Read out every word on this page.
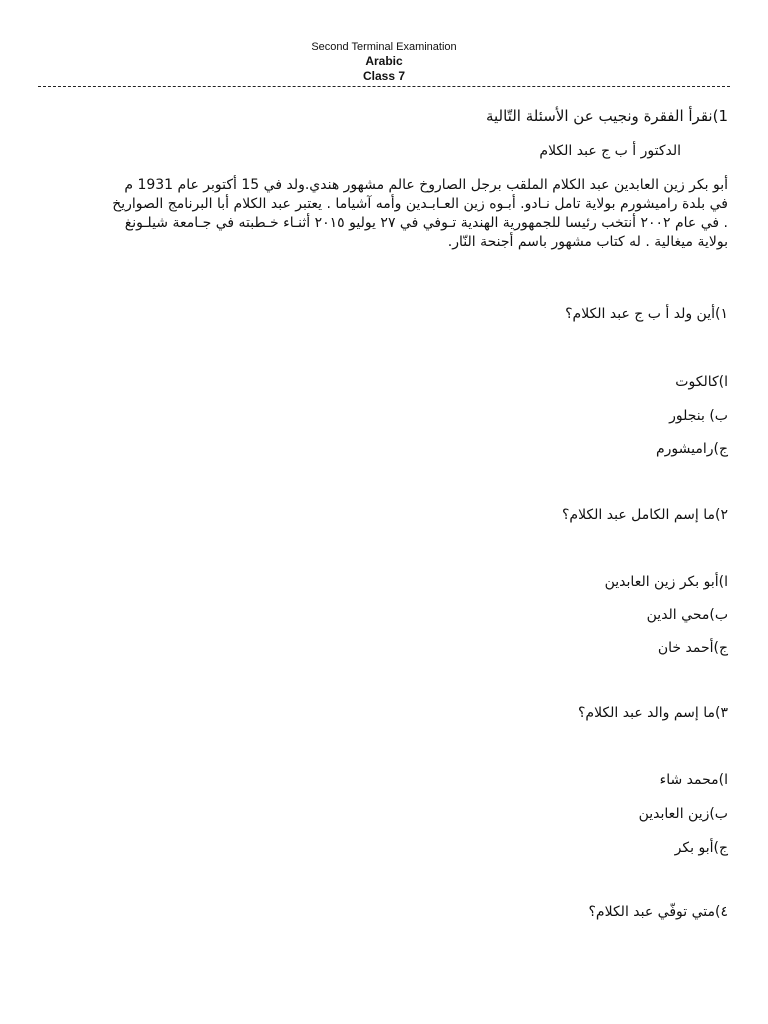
Second Terminal Examination
Arabic
Class 7
1)نقرأ الفقرة ونجيب عن الأسئلة التّالية
الدكتور أ ب ج عبد الكلام
أبو بكر زين العابدين عبد الكلام الملقب برجل الصاروخ عالم مشهور هندي.ولد في 15 أكتوبر عام 1931 م
في بلدة راميشورم بولاية تامل نـادو. أبـوه زين العـابـدين وأمه آشياما . يعتبر عبد الكلام أبا البرنامج الصواريخ
. في عام ٢٠٠٢ أنتخب رئيسا للجمهورية الهندية تـوفي في ٢٧ يوليو ٢٠١٥ أثنـاء خـطبته في جـامعة شيلـونغ
بولاية ميغالية . له كتاب مشهور باسم أجنحة النّار.
١)أين ولد أ ب ج عبد الكلام؟
ا)كالكوت
ب) بنجلور
ج)راميشورم
٢)ما إسم الكامل عبد الكلام؟
ا)أبو بكر زين العابدين
ب)محي الدين
ج)أحمد خان
٣)ما إسم والد عبد الكلام؟
ا)محمد شاء
ب)زين العابدين
ج)أبو بكر
٤)متي توفّي عبد الكلام؟
